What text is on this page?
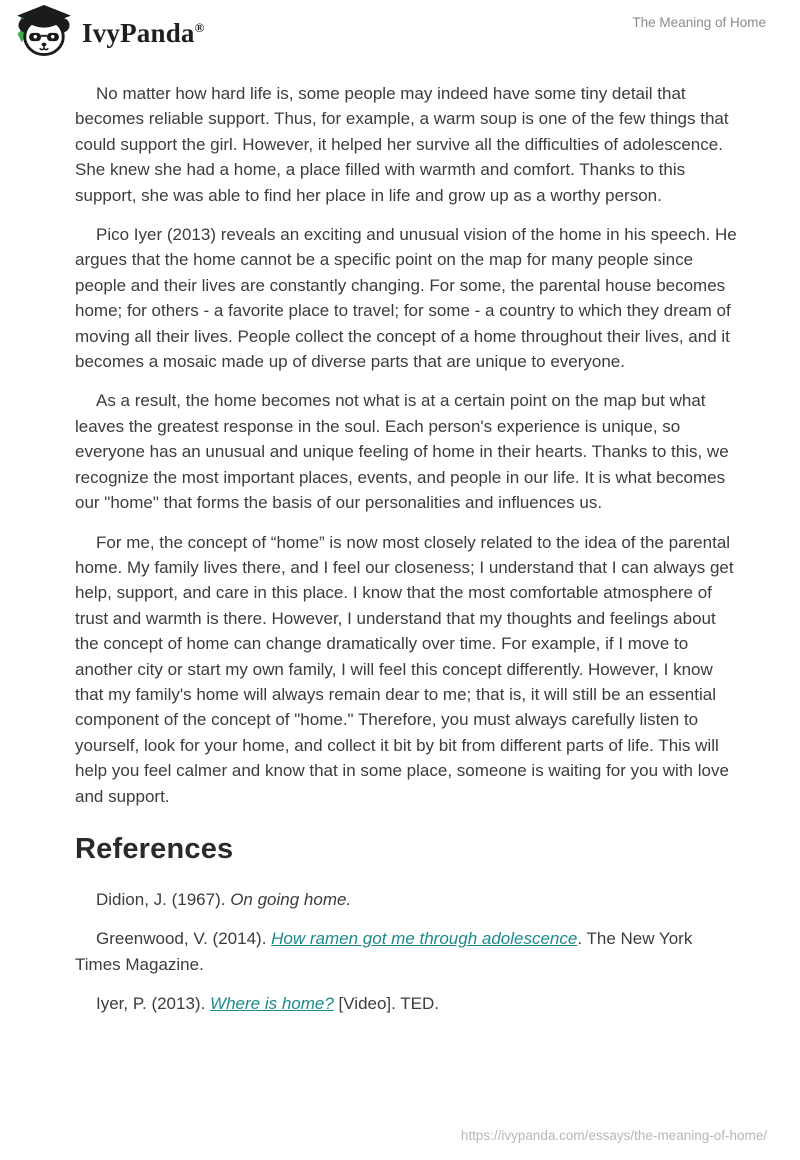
IvyPanda®	The Meaning of Home

No matter how hard life is, some people may indeed have some tiny detail that becomes reliable support. Thus, for example, a warm soup is one of the few things that could support the girl. However, it helped her survive all the difficulties of adolescence. She knew she had a home, a place filled with warmth and comfort. Thanks to this support, she was able to find her place in life and grow up as a worthy person.

Pico Iyer (2013) reveals an exciting and unusual vision of the home in his speech. He argues that the home cannot be a specific point on the map for many people since people and their lives are constantly changing. For some, the parental house becomes home; for others - a favorite place to travel; for some - a country to which they dream of moving all their lives. People collect the concept of a home throughout their lives, and it becomes a mosaic made up of diverse parts that are unique to everyone.

As a result, the home becomes not what is at a certain point on the map but what leaves the greatest response in the soul. Each person's experience is unique, so everyone has an unusual and unique feeling of home in their hearts. Thanks to this, we recognize the most important places, events, and people in our life. It is what becomes our "home" that forms the basis of our personalities and influences us.

For me, the concept of “home” is now most closely related to the idea of the parental home. My family lives there, and I feel our closeness; I understand that I can always get help, support, and care in this place. I know that the most comfortable atmosphere of trust and warmth is there. However, I understand that my thoughts and feelings about the concept of home can change dramatically over time. For example, if I move to another city or start my own family, I will feel this concept differently. However, I know that my family's home will always remain dear to me; that is, it will still be an essential component of the concept of "home." Therefore, you must always carefully listen to yourself, look for your home, and collect it bit by bit from different parts of life. This will help you feel calmer and know that in some place, someone is waiting for you with love and support.

References

Didion, J. (1967). On going home.

Greenwood, V. (2014). How ramen got me through adolescence. The New York Times Magazine.

Iyer, P. (2013). Where is home? [Video]. TED.

https://ivypanda.com/essays/the-meaning-of-home/
